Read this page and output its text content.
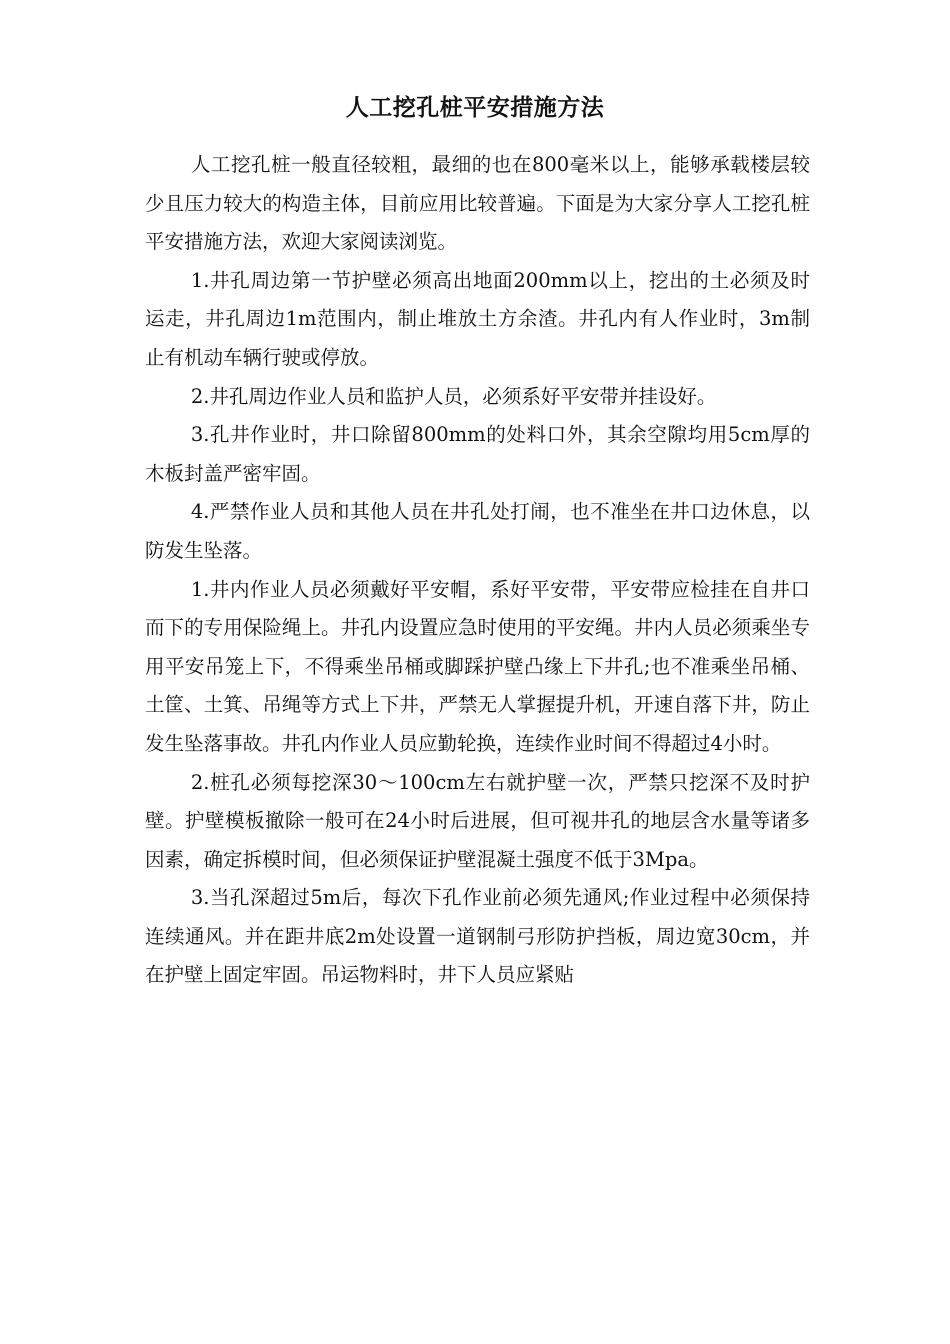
人工挖孔桩平安措施方法

人工挖孔桩一般直径较粗，最细的也在800毫米以上，能够承载楼层较少且压力较大的构造主体，目前应用比较普遍。下面是为大家分享人工挖孔桩平安措施方法，欢迎大家阅读浏览。

1.井孔周边第一节护壁必须高出地面200mm以上，挖出的土必须及时运走，井孔周边1m范围内，制止堆放土方余渣。井孔内有人作业时，3m制止有机动车辆行驶或停放。

2.井孔周边作业人员和监护人员，必须系好平安带并挂设好。

3.孔井作业时，井口除留800mm的处料口外，其余空隙均用5cm厚的木板封盖严密牢固。

4.严禁作业人员和其他人员在井孔处打闹，也不准坐在井口边休息，以防发生坠落。

1.井内作业人员必须戴好平安帽，系好平安带，平安带应检挂在自井口而下的专用保险绳上。井孔内设置应急时使用的平安绳。井内人员必须乘坐专用平安吊笼上下，不得乘坐吊桶或脚踩护壁凸缘上下井孔;也不准乘坐吊桶、土筐、土箕、吊绳等方式上下井，严禁无人掌握提升机，开速自落下井，防止发生坠落事故。井孔内作业人员应勤轮换，连续作业时间不得超过4小时。

2.桩孔必须每挖深30～100cm左右就护壁一次，严禁只挖深不及时护壁。护壁模板撤除一般可在24小时后进展，但可视井孔的地层含水量等诸多因素，确定拆模时间，但必须保证护壁混凝土强度不低于3Mpa。

3.当孔深超过5m后，每次下孔作业前必须先通风;作业过程中必须保持连续通风。并在距井底2m处设置一道钢制弓形防护挡板，周边宽30cm，并在护壁上固定牢固。吊运物料时，井下人员应紧贴
